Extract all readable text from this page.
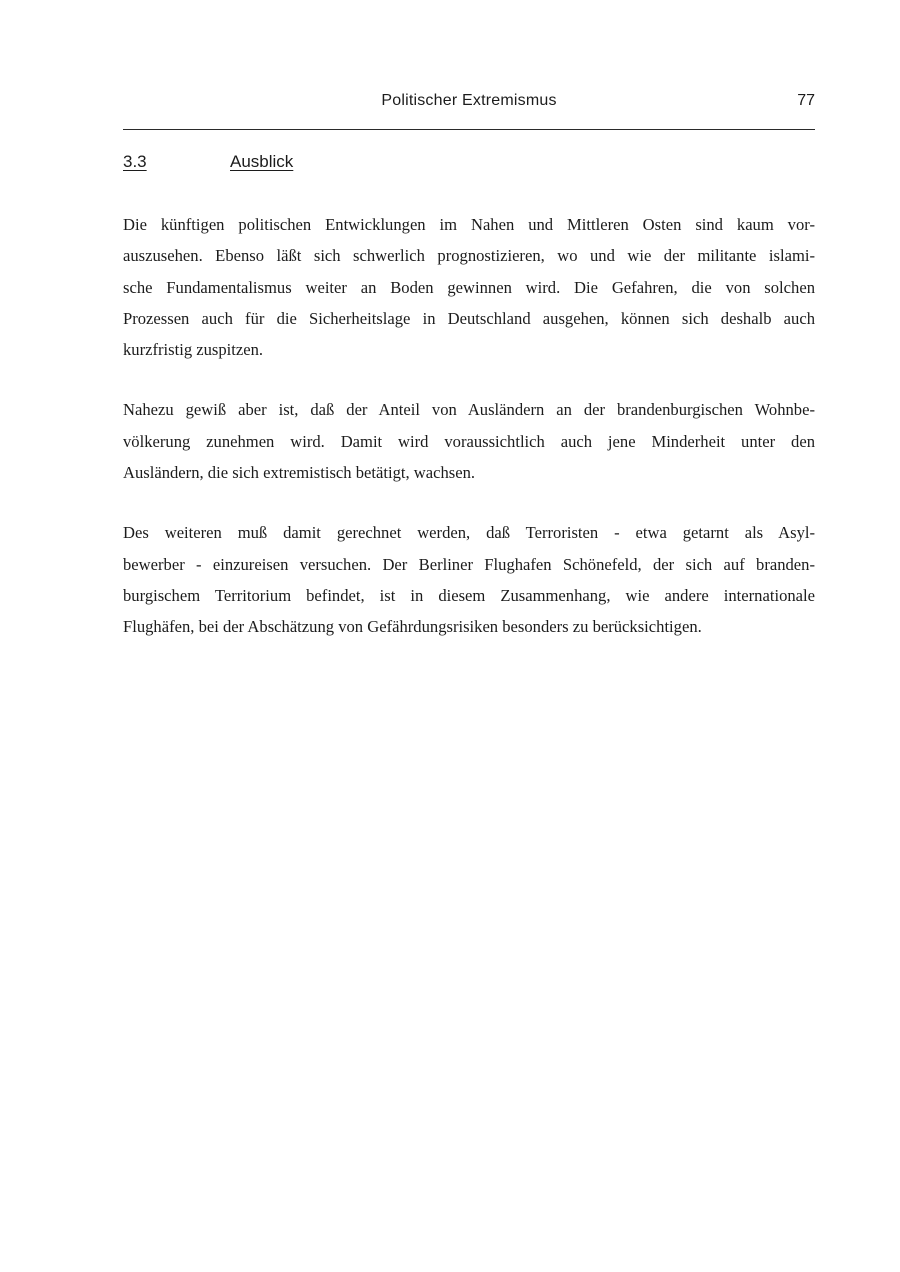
Politischer Extremismus	77
3.3	Ausblick

Die künftigen politischen Entwicklungen im Nahen und Mittleren Osten sind kaum vor-
auszusehen. Ebenso läßt sich schwerlich prognostizieren, wo und wie der militante islami-
sche Fundamentalismus weiter an Boden gewinnen wird. Die Gefahren, die von solchen
Prozessen auch für die Sicherheitslage in Deutschland ausgehen, können sich deshalb auch
kurzfristig zuspitzen.

Nahezu gewiß aber ist, daß der Anteil von Ausländern an der brandenburgischen Wohnbe-
völkerung zunehmen wird. Damit wird voraussichtlich auch jene Minderheit unter den
Ausländern, die sich extremistisch betätigt, wachsen.

Des weiteren muß damit gerechnet werden, daß Terroristen - etwa getarnt als Asyl-
bewerber - einzureisen versuchen. Der Berliner Flughafen Schönefeld, der sich auf branden-
burgischem Territorium befindet, ist in diesem Zusammenhang, wie andere internationale
Flughäfen, bei der Abschätzung von Gefährdungsrisiken besonders zu berücksichtigen.
